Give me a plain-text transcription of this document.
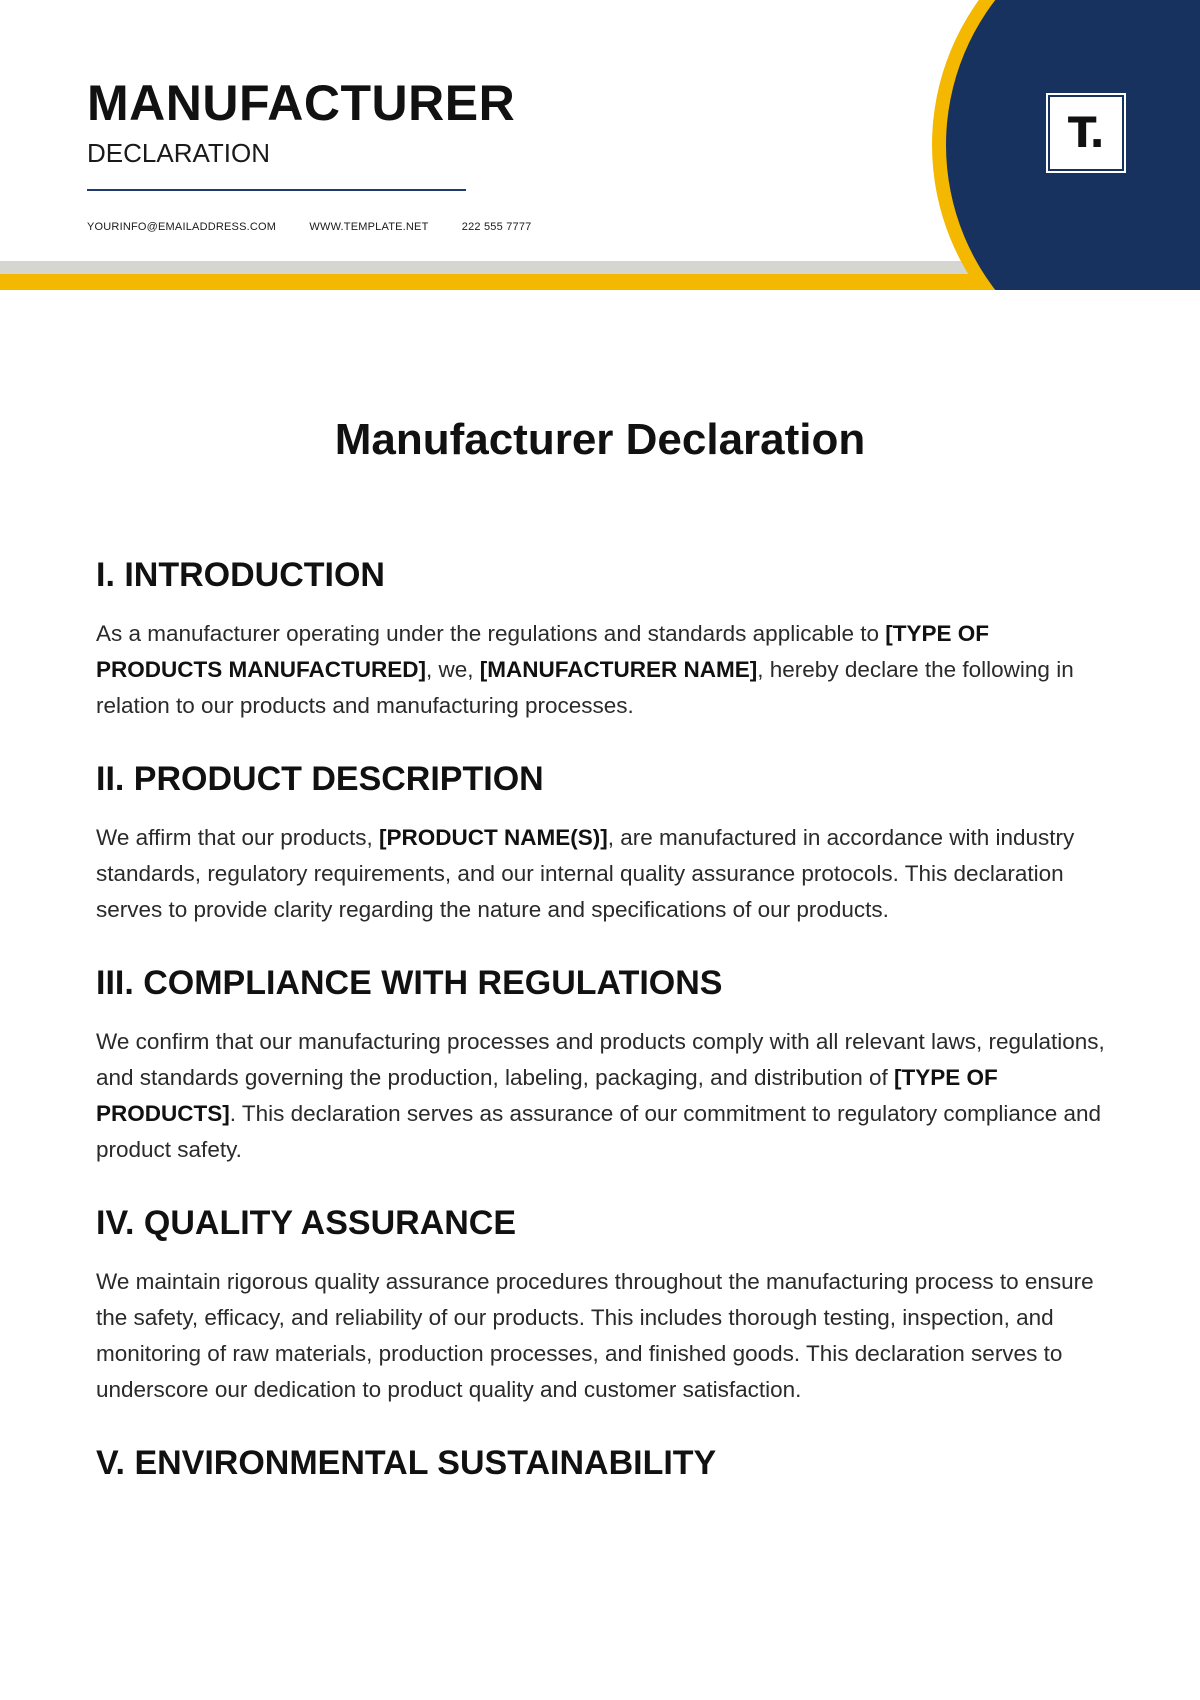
MANUFACTURER
DECLARATION
YOURINFO@EMAILADDRESS.COM	WWW.TEMPLATE.NET	222 555 7777
T.
Manufacturer Declaration
I. INTRODUCTION

As a manufacturer operating under the regulations and standards applicable to [TYPE OF PRODUCTS MANUFACTURED], we, [MANUFACTURER NAME], hereby declare the following in relation to our products and manufacturing processes.

II. PRODUCT DESCRIPTION

We affirm that our products, [PRODUCT NAME(S)], are manufactured in accordance with industry standards, regulatory requirements, and our internal quality assurance protocols. This declaration serves to provide clarity regarding the nature and specifications of our products.

III. COMPLIANCE WITH REGULATIONS

We confirm that our manufacturing processes and products comply with all relevant laws, regulations, and standards governing the production, labeling, packaging, and distribution of [TYPE OF PRODUCTS]. This declaration serves as assurance of our commitment to regulatory compliance and product safety.

IV. QUALITY ASSURANCE

We maintain rigorous quality assurance procedures throughout the manufacturing process to ensure the safety, efficacy, and reliability of our products. This includes thorough testing, inspection, and monitoring of raw materials, production processes, and finished goods. This declaration serves to underscore our dedication to product quality and customer satisfaction.

V. ENVIRONMENTAL SUSTAINABILITY
